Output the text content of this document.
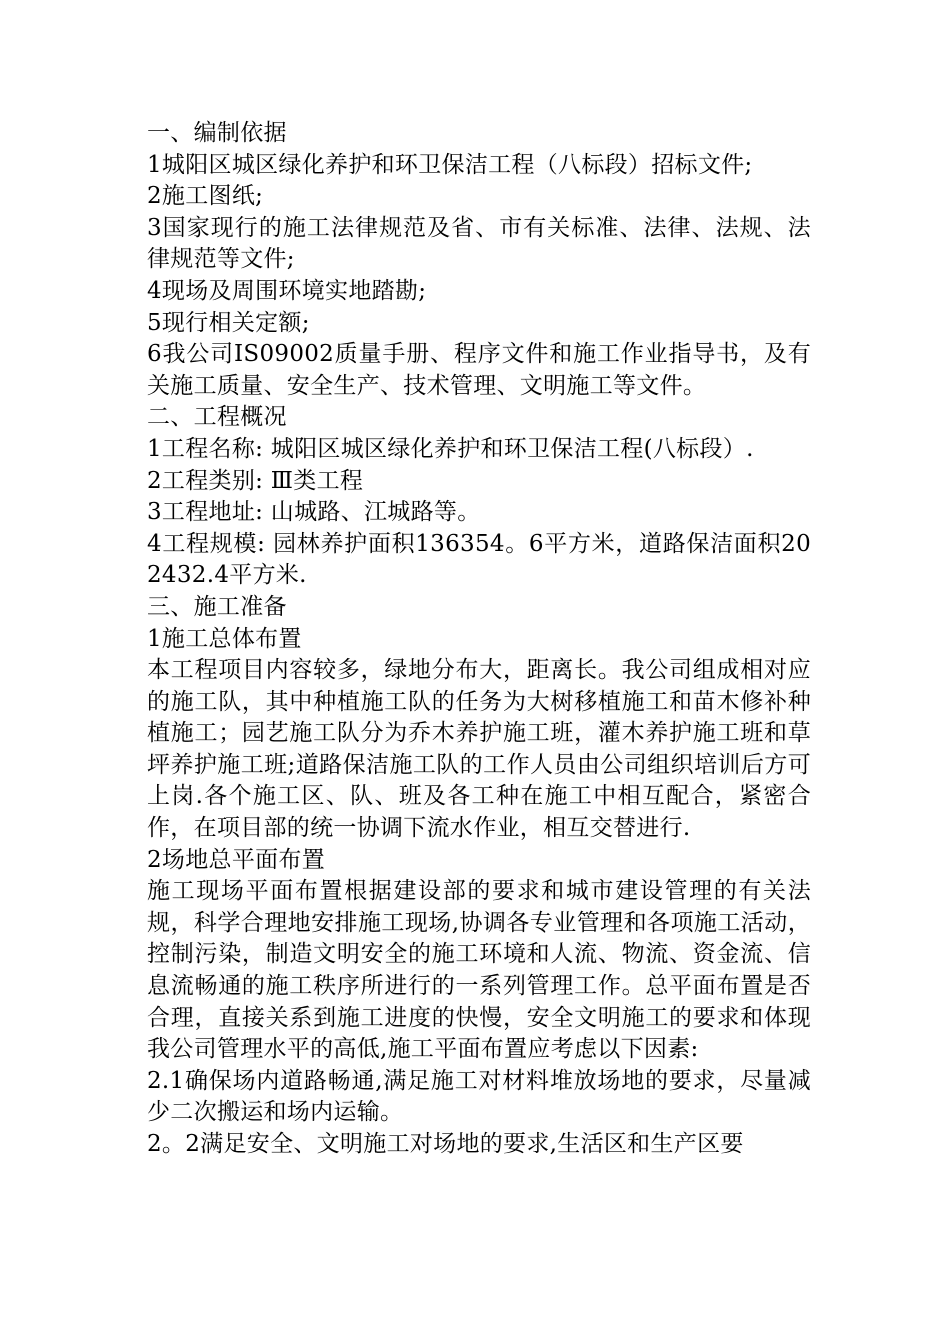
一、编制依据

1城阳区城区绿化养护和环卫保洁工程（八标段）招标文件;

2施工图纸;

3国家现行的施工法律规范及省、市有关标准、法律、法规、法律规范等文件;

4现场及周围环境实地踏勘;

5现行相关定额;

6我公司IS09002质量手册、程序文件和施工作业指导书，及有关施工质量、安全生产、技术管理、文明施工等文件。

二、工程概况

1工程名称: 城阳区城区绿化养护和环卫保洁工程(八标段）.

2工程类别: Ⅲ类工程

3工程地址: 山城路、江城路等。

4工程规模: 园林养护面积136354。6平方米，道路保洁面积202432.4平方米.

三、施工准备

1施工总体布置

本工程项目内容较多，绿地分布大，距离长。我公司组成相对应的施工队，其中种植施工队的任务为大树移植施工和苗木修补种植施工；园艺施工队分为乔木养护施工班，灌木养护施工班和草坪养护施工班;道路保洁施工队的工作人员由公司组织培训后方可上岗.各个施工区、队、班及各工种在施工中相互配合，紧密合作，在项目部的统一协调下流水作业，相互交替进行.

2场地总平面布置

施工现场平面布置根据建设部的要求和城市建设管理的有关法规，科学合理地安排施工现场,协调各专业管理和各项施工活动，控制污染，制造文明安全的施工环境和人流、物流、资金流、信息流畅通的施工秩序所进行的一系列管理工作。总平面布置是否合理，直接关系到施工进度的快慢，安全文明施工的要求和体现我公司管理水平的高低,施工平面布置应考虑以下因素:

2.1确保场内道路畅通,满足施工对材料堆放场地的要求，尽量减少二次搬运和场内运输。

2。2满足安全、文明施工对场地的要求,生活区和生产区要
